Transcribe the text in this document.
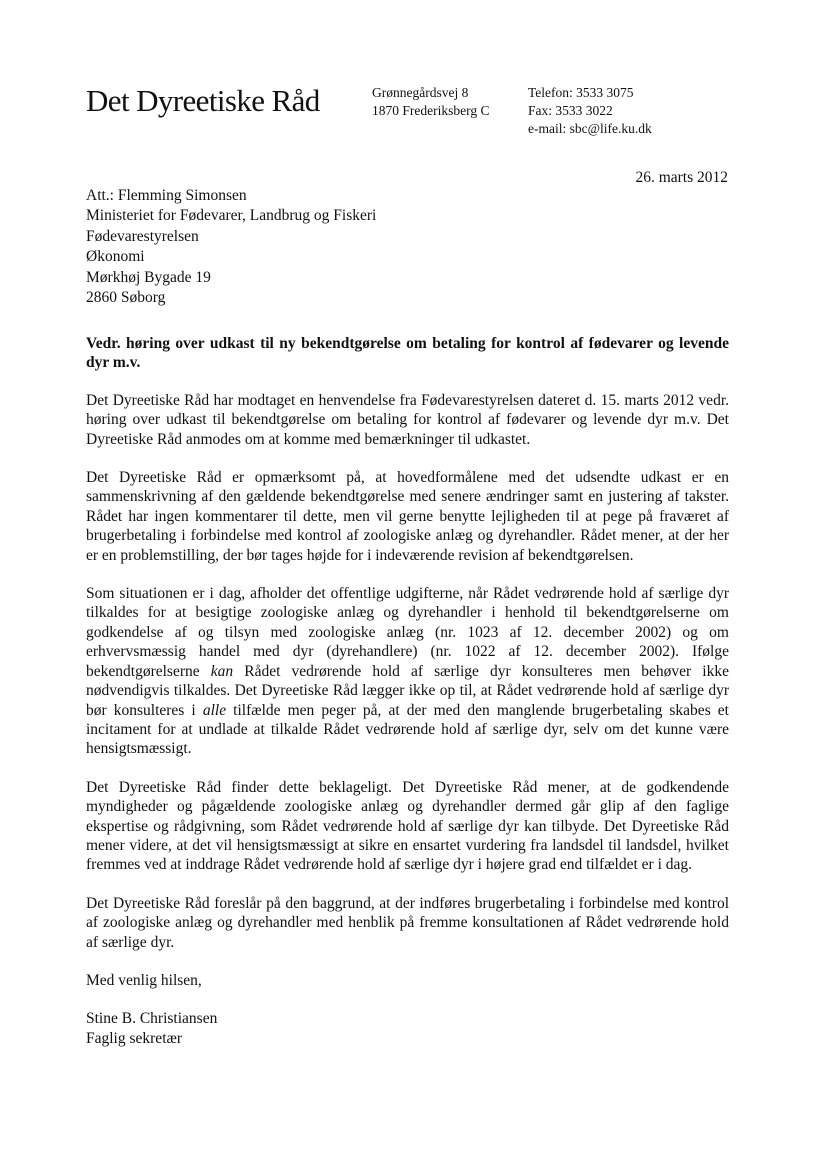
Det Dyreetiske Råd	Grønnegårdsvej 8
1870 Frederiksberg C
Telefon: 3533 3075
Fax: 3533 3022
e-mail: sbc@life.ku.dk
26. marts 2012
Att.: Flemming Simonsen
Ministeriet for Fødevarer, Landbrug og Fiskeri
Fødevarestyrelsen
Økonomi
Mørkhøj Bygade 19
2860 Søborg
Vedr. høring over udkast til ny bekendtgørelse om betaling for kontrol af fødevarer og levende dyr m.v.
Det Dyreetiske Råd har modtaget en henvendelse fra Fødevarestyrelsen dateret d. 15. marts 2012 vedr. høring over udkast til bekendtgørelse om betaling for kontrol af fødevarer og levende dyr m.v. Det Dyreetiske Råd anmodes om at komme med bemærkninger til udkastet.
Det Dyreetiske Råd er opmærksomt på, at hovedformålene med det udsendte udkast er en sammenskrivning af den gældende bekendtgørelse med senere ændringer samt en justering af takster. Rådet har ingen kommentarer til dette, men vil gerne benytte lejligheden til at pege på fraværet af brugerbetaling i forbindelse med kontrol af zoologiske anlæg og dyrehandler. Rådet mener, at der her er en problemstilling, der bør tages højde for i indeværende revision af bekendtgørelsen.
Som situationen er i dag, afholder det offentlige udgifterne, når Rådet vedrørende hold af særlige dyr tilkaldes for at besigtige zoologiske anlæg og dyrehandler i henhold til bekendtgørelserne om godkendelse af og tilsyn med zoologiske anlæg (nr. 1023 af 12. december 2002) og om erhvervsmæssig handel med dyr (dyrehandlere) (nr. 1022 af 12. december 2002). Ifølge bekendtgørelserne kan Rådet vedrørende hold af særlige dyr konsulteres men behøver ikke nødvendigvis tilkaldes. Det Dyreetiske Råd lægger ikke op til, at Rådet vedrørende hold af særlige dyr bør konsulteres i alle tilfælde men peger på, at der med den manglende brugerbetaling skabes et incitament for at undlade at tilkalde Rådet vedrørende hold af særlige dyr, selv om det kunne være hensigtsmæssigt.
Det Dyreetiske Råd finder dette beklageligt. Det Dyreetiske Råd mener, at de godkendende myndigheder og pågældende zoologiske anlæg og dyrehandler dermed går glip af den faglige ekspertise og rådgivning, som Rådet vedrørende hold af særlige dyr kan tilbyde. Det Dyreetiske Råd mener videre, at det vil hensigtsmæssigt at sikre en ensartet vurdering fra landsdel til landsdel, hvilket fremmes ved at inddrage Rådet vedrørende hold af særlige dyr i højere grad end tilfældet er i dag.
Det Dyreetiske Råd foreslår på den baggrund, at der indføres brugerbetaling i forbindelse med kontrol af zoologiske anlæg og dyrehandler med henblik på fremme konsultationen af Rådet vedrørende hold af særlige dyr.
Med venlig hilsen,
Stine B. Christiansen
Faglig sekretær
